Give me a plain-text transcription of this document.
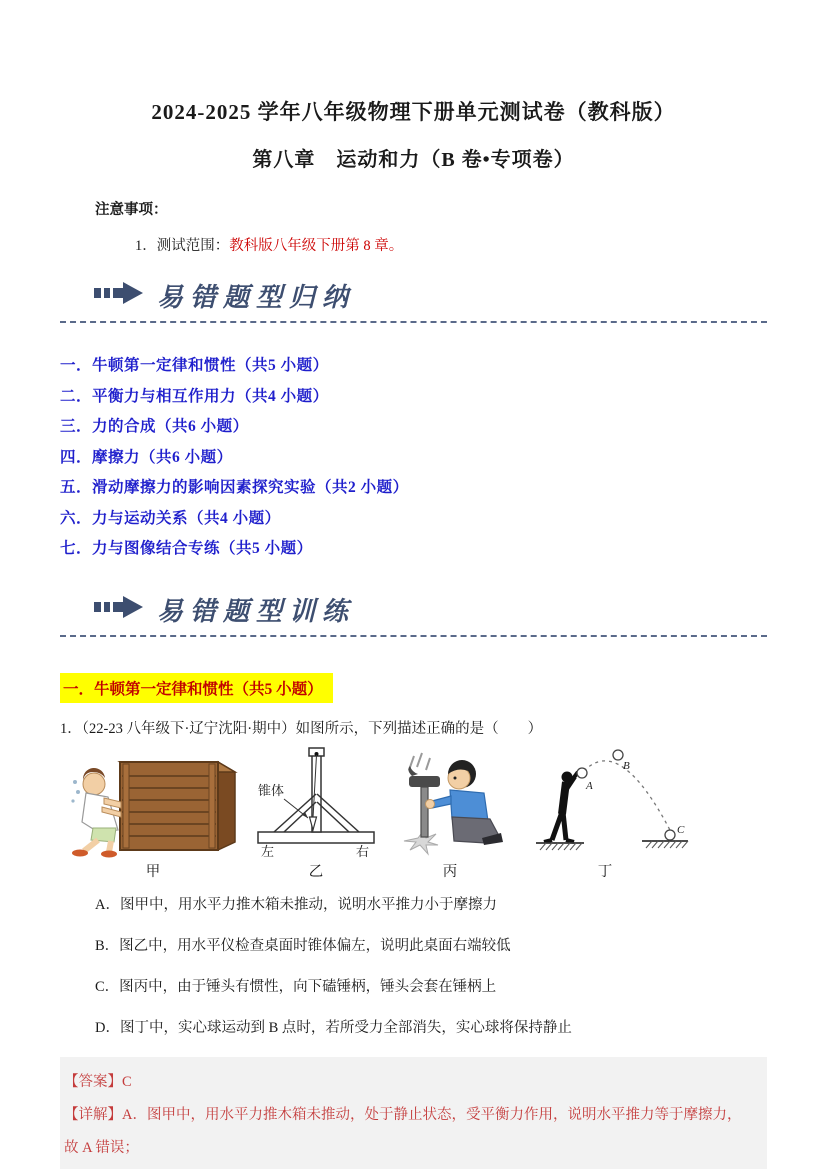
2024-2025 学年八年级物理下册单元测试卷（教科版）
第八章　运动和力（B 卷•专项卷）
注意事项：
1．测试范围：教科版八年级下册第 8 章。
易错题型归纳
一．牛顿第一定律和惯性（共5 小题）
二．平衡力与相互作用力（共4 小题）
三．力的合成（共6 小题）
四．摩擦力（共6 小题）
五．滑动摩擦力的影响因素探究实验（共2 小题）
六．力与运动关系（共4 小题）
七．力与图像结合专练（共5 小题）
易错题型训练
一．牛顿第一定律和惯性（共5 小题）
1．（22-23 八年级下·辽宁沈阳·期中）如图所示，下列描述正确的是（　　）
甲
锥体
左	右
乙	丙
A
B
C
丁
A．图甲中，用水平力推木箱未推动，说明水平推力小于摩擦力
B．图乙中，用水平仪检查桌面时锥体偏左，说明此桌面右端较低
C．图丙中，由于锤头有惯性，向下磕锤柄，锤头会套在锤柄上
D．图丁中，实心球运动到 B 点时，若所受力全部消失，实心球将保持静止
【答案】C
【详解】A．图甲中，用水平力推木箱未推动，处于静止状态，受平衡力作用，说明水平推力等于摩擦力，故 A 错误；
